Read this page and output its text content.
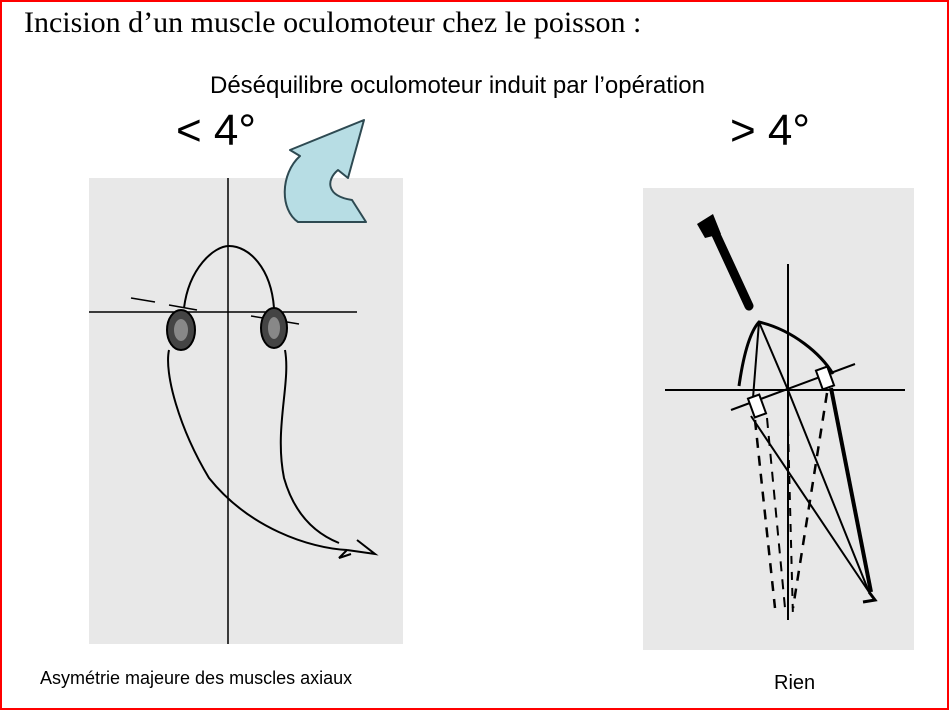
Incision d’un muscle oculomoteur chez le poisson :
Déséquilibre oculomoteur induit par l’opération
< 4°	> 4°
Asymétrie majeure des muscles axiaux	Rien
